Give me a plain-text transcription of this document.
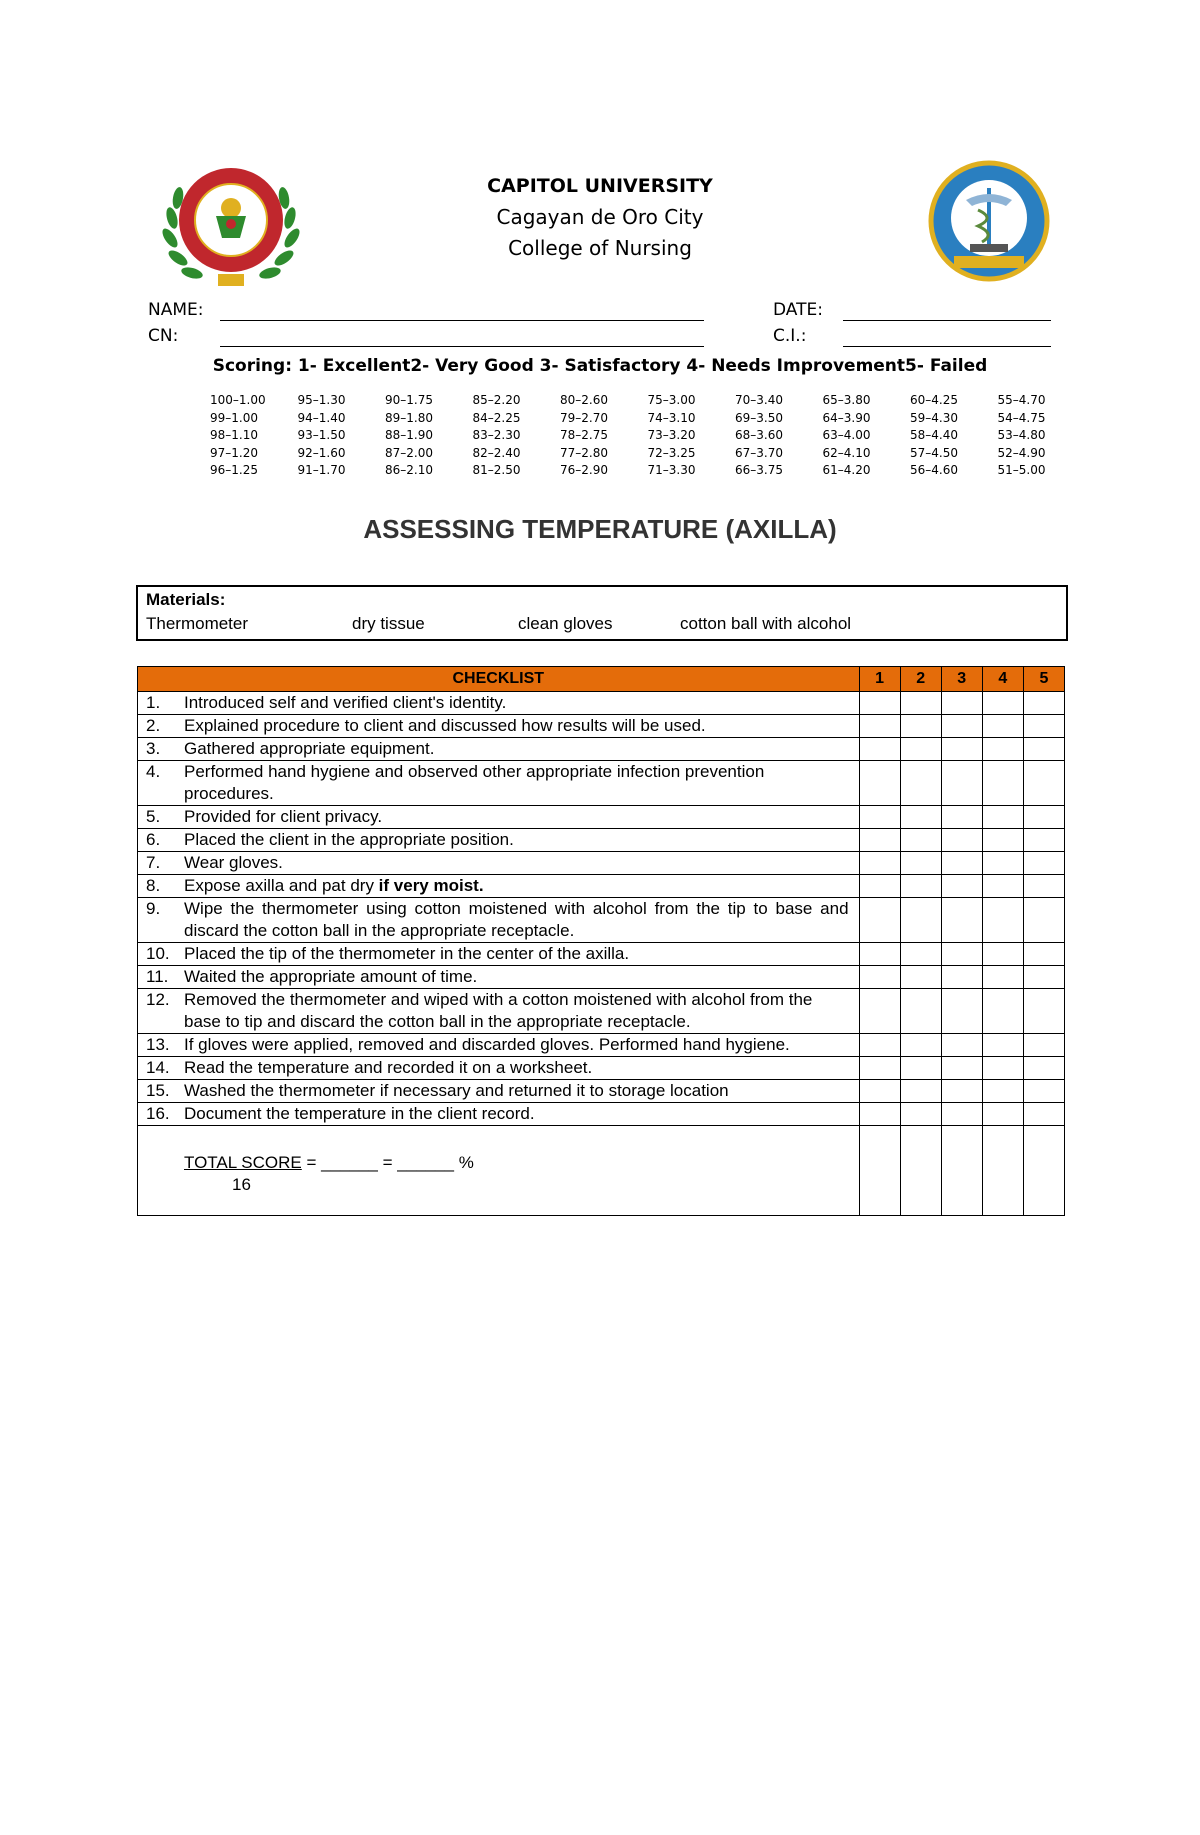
CAPITOL UNIVERSITY
Cagayan de Oro City
College of Nursing
NAME:
CN:
DATE:
C.I.:
Scoring: 1- Excellent2- Very Good 3- Satisfactory 4- Needs Improvement5- Failed
100–1.00	95–1.30	90–1.75	85–2.20	80–2.60	75–3.00	70–3.40	65–3.80	60–4.25	55–4.70
99–1.00	94–1.40	89–1.80	84–2.25	79–2.70	74–3.10	69–3.50	64–3.90	59–4.30	54–4.75
98–1.10	93–1.50	88–1.90	83–2.30	78–2.75	73–3.20	68–3.60	63–4.00	58–4.40	53–4.80
97–1.20	92–1.60	87–2.00	82–2.40	77–2.80	72–3.25	67–3.70	62–4.10	57–4.50	52–4.90
96–1.25	91–1.70	86–2.10	81–2.50	76–2.90	71–3.30	66–3.75	61–4.20	56–4.60	51–5.00
ASSESSING TEMPERATURE (AXILLA)
Materials:
Thermometer	dry tissue	clean gloves	cotton ball with alcohol
CHECKLIST	1	2	3	4	5

1. Introduced self and verified client's identity.					

2. Explained procedure to client and discussed how results will be used.					

3. Gathered appropriate equipment.					

4. Performed hand hygiene and observed other appropriate infection prevention procedures.					

5. Provided for client privacy.					

6. Placed the client in the appropriate position.					

7. Wear gloves.					

8. Expose axilla and pat dry if very moist.					

9. Wipe the thermometer using cotton moistened with alcohol from the tip to base and discard the cotton ball in the appropriate receptacle.					

10. Placed the tip of the thermometer in the center of the axilla.					

11. Waited the appropriate amount of time.					

12. Removed the thermometer and wiped with a cotton moistened with alcohol from the base to tip and discard the cotton ball in the appropriate receptacle.					

13. If gloves were applied, removed and discarded gloves. Performed hand hygiene.					

14. Read the temperature and recorded it on a worksheet.					

15. Washed the thermometer if necessary and returned it to storage location					

16. Document the temperature in the client record.					

TOTAL SCORE = ______ = ______ %
16					
